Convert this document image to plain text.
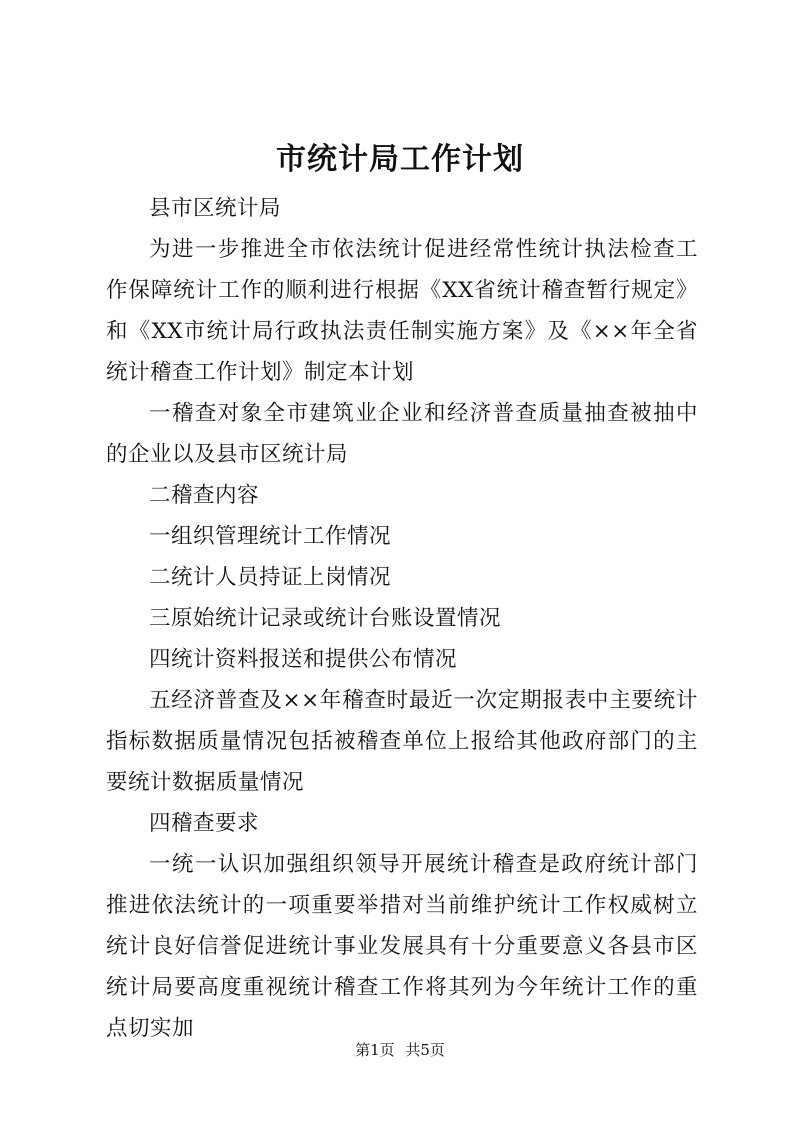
市统计局工作计划

县市区统计局

为进一步推进全市依法统计促进经常性统计执法检查工作保障统计工作的顺利进行根据《XX省统计稽查暂行规定》和《XX市统计局行政执法责任制实施方案》及《××年全省统计稽查工作计划》制定本计划

一稽查对象全市建筑业企业和经济普查质量抽查被抽中的企业以及县市区统计局

二稽查内容

一组织管理统计工作情况

二统计人员持证上岗情况

三原始统计记录或统计台账设置情况

四统计资料报送和提供公布情况

五经济普查及××年稽查时最近一次定期报表中主要统计指标数据质量情况包括被稽查单位上报给其他政府部门的主要统计数据质量情况

四稽查要求

一统一认识加强组织领导开展统计稽查是政府统计部门推进依法统计的一项重要举措对当前维护统计工作权威树立统计良好信誉促进统计事业发展具有十分重要意义各县市区统计局要高度重视统计稽查工作将其列为今年统计工作的重点切实加

第1页 共5页
